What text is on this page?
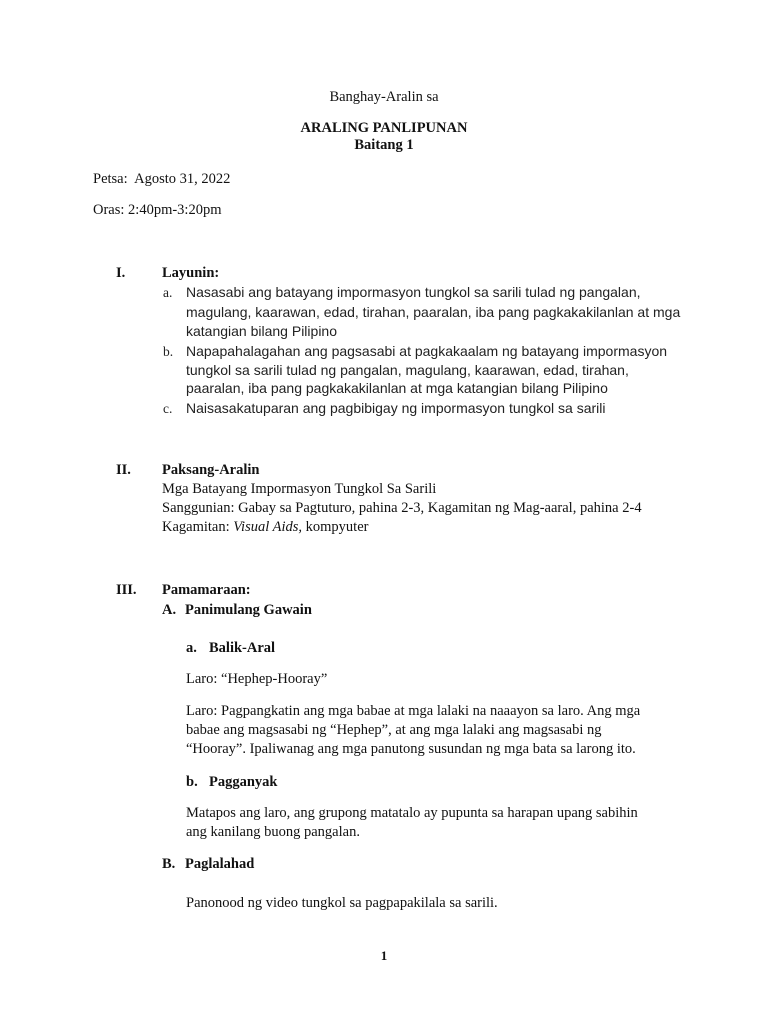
Banghay-Aralin sa
ARALING PANLIPUNAN
Baitang 1
Petsa: Agosto 31, 2022
Oras: 2:40pm-3:20pm
I.	Layunin:
a. Nasasabi ang batayang impormasyon tungkol sa sarili tulad ng pangalan,
magulang, kaarawan, edad, tirahan, paaralan, iba pang pagkakakilanlan at mga
katangian bilang Pilipino
b. Napapahalagahan ang pagsasabi at pagkakaalam ng batayang impormasyon
tungkol sa sarili tulad ng pangalan, magulang, kaarawan, edad, tirahan,
paaralan, iba pang pagkakakilanlan at mga katangian bilang Pilipino
c. Naisasakatuparan ang pagbibigay ng impormasyon tungkol sa sarili
II. Paksang-Aralin
Mga Batayang Impormasyon Tungkol Sa Sarili
Sanggunian: Gabay sa Pagtuturo, pahina 2-3, Kagamitan ng Mag-aaral, pahina 2-4
Kagamitan: Visual Aids, kompyuter
III. Pamamaraan:
A. Panimulang Gawain
a. Balik-Aral
Laro: “Hephep-Hooray”
Laro: Pagpangkatin ang mga babae at mga lalaki na naaayon sa laro. Ang mga
babae ang magsasabi ng “Hephep”, at ang mga lalaki ang magsasabi ng
“Hooray”. Ipaliwanag ang mga panutong susundan ng mga bata sa larong ito.
b. Pagganyak
Matapos ang laro, ang grupong matatalo ay pupunta sa harapan upang sabihin
ang kanilang buong pangalan.
B. Paglalahad
Panonood ng video tungkol sa pagpapakilala sa sarili.
1
